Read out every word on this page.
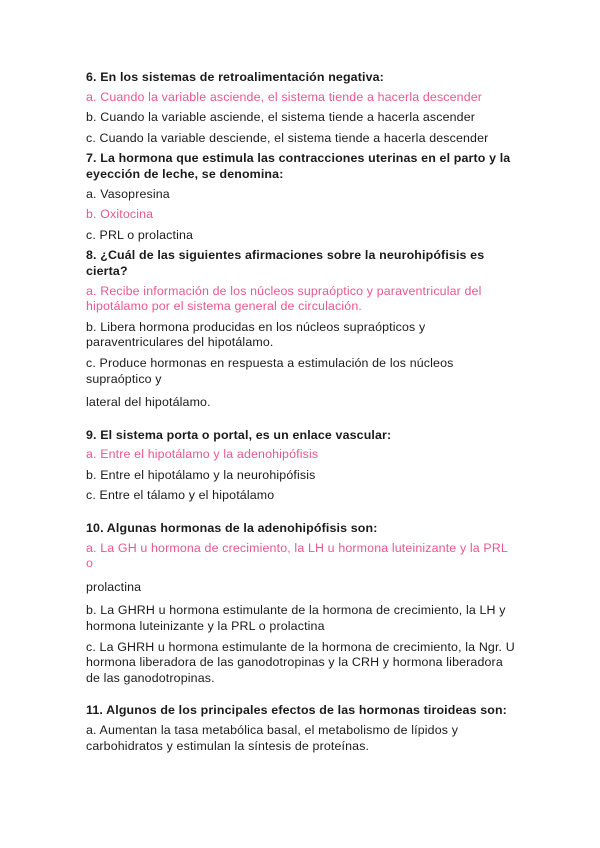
6. En los sistemas de retroalimentación negativa:

a. Cuando la variable asciende, el sistema tiende a hacerla descender

b. Cuando la variable asciende, el sistema tiende a hacerla ascender

c. Cuando la variable desciende, el sistema tiende a hacerla descender

7. La hormona que estimula las contracciones uterinas en el parto y la eyección de leche, se denomina:

a. Vasopresina

b. Oxitocina

c. PRL o prolactina

8. ¿Cuál de las siguientes afirmaciones sobre la neurohipófisis es cierta?

a. Recibe información de los núcleos supraóptico y paraventricular del hipotálamo por el sistema general de circulación.

b. Libera hormona producidas en los núcleos supraópticos y paraventriculares del hipotálamo.

c. Produce hormonas en respuesta a estimulación de los núcleos supraóptico y

lateral del hipotálamo.

9. El sistema porta o portal, es un enlace vascular:

a. Entre el hipotálamo y la adenohipófisis

b. Entre el hipotálamo y la neurohipófisis

c. Entre el tálamo y el hipotálamo

10. Algunas hormonas de la adenohipófisis son:

a. La GH u hormona de crecimiento, la LH u hormona luteinizante y la PRL o

prolactina

b. La GHRH u hormona estimulante de la hormona de crecimiento, la LH y hormona luteinizante y la PRL o prolactina

c. La GHRH u hormona estimulante de la hormona de crecimiento, la Ngr. U hormona liberadora de las ganodotropinas y la CRH y hormona liberadora de las ganodotropinas.

11. Algunos de los principales efectos de las hormonas tiroideas son:

a. Aumentan la tasa metabólica basal, el metabolismo de lípidos y carbohidratos y estimulan la síntesis de proteínas.
